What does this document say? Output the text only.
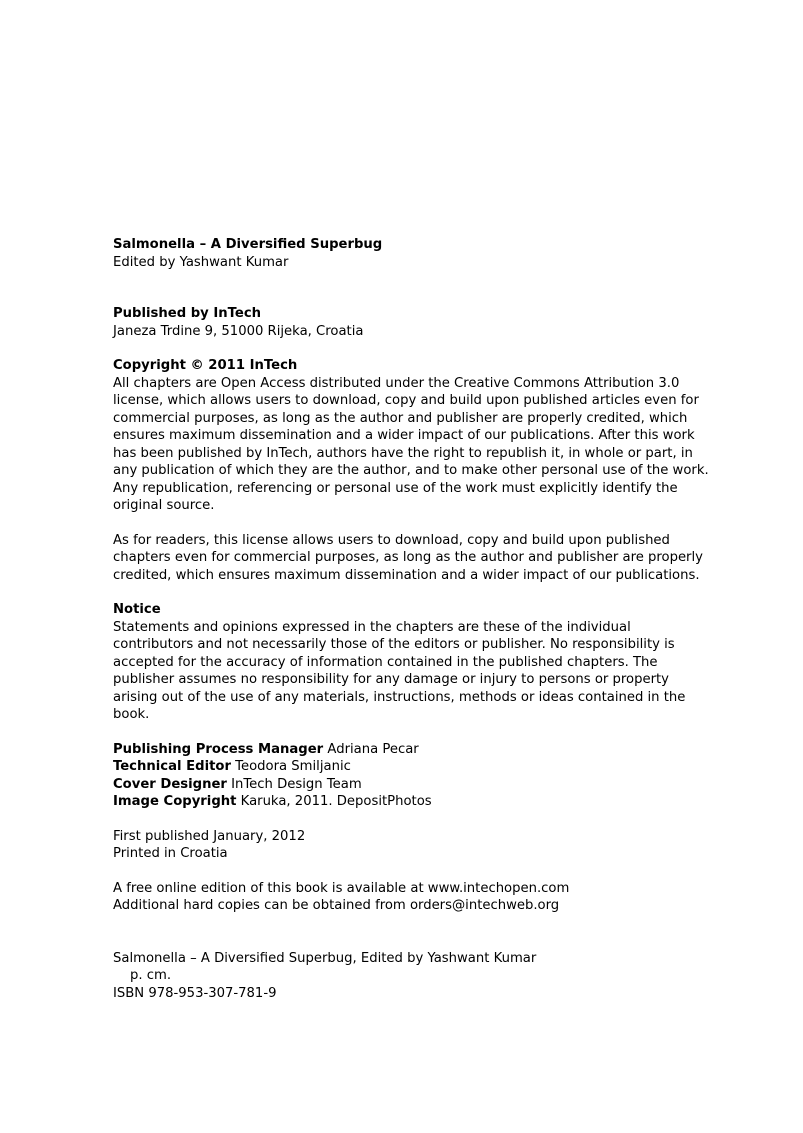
Salmonella – A Diversified Superbug

Edited by Yashwant Kumar

Published by InTech

Janeza Trdine 9, 51000 Rijeka, Croatia

Copyright © 2011 InTech

All chapters are Open Access distributed under the Creative Commons Attribution 3.0 license, which allows users to download, copy and build upon published articles even for commercial purposes, as long as the author and publisher are properly credited, which ensures maximum dissemination and a wider impact of our publications. After this work has been published by InTech, authors have the right to republish it, in whole or part, in any publication of which they are the author, and to make other personal use of the work. Any republication, referencing or personal use of the work must explicitly identify the original source.

As for readers, this license allows users to download, copy and build upon published chapters even for commercial purposes, as long as the author and publisher are properly credited, which ensures maximum dissemination and a wider impact of our publications.

Notice

Statements and opinions expressed in the chapters are these of the individual contributors and not necessarily those of the editors or publisher. No responsibility is accepted for the accuracy of information contained in the published chapters. The publisher assumes no responsibility for any damage or injury to persons or property arising out of the use of any materials, instructions, methods or ideas contained in the book.

Publishing Process Manager Adriana Pecar

Technical Editor Teodora Smiljanic

Cover Designer InTech Design Team

Image Copyright Karuka, 2011. DepositPhotos

First published January, 2012

Printed in Croatia

A free online edition of this book is available at www.intechopen.com

Additional hard copies can be obtained from orders@intechweb.org

Salmonella – A Diversified Superbug, Edited by Yashwant Kumar

p. cm.

ISBN 978-953-307-781-9
